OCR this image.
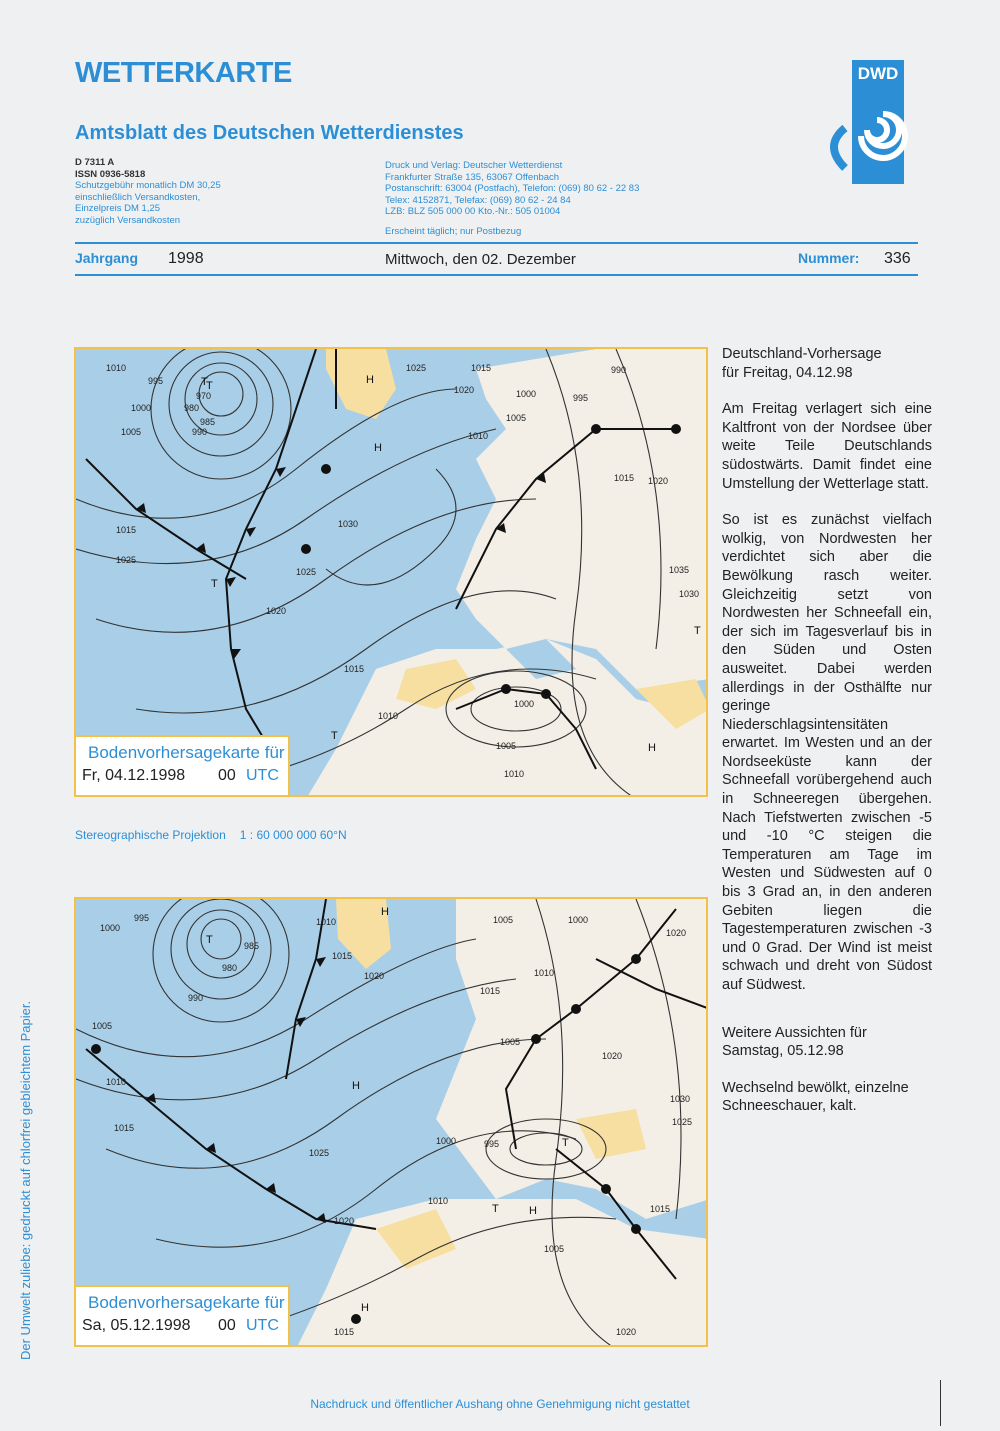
WETTERKARTE
Amtsblatt des Deutschen Wetterdienstes
D 7311 A
ISSN 0936-5818
Schutzgebühr monatlich DM 30,25
einschließlich Versandkosten,
Einzelpreis DM 1,25
zuzüglich Versandkosten
Druck und Verlag: Deutscher Wetterdienst
Frankfurter Straße 135, 63067 Offenbach
Postanschrift: 63004 (Postfach), Telefon: (069) 80 62 - 22 83
Telex: 4152871, Telefax: (069) 80 62 - 24 84
LZB: BLZ 505 000 00 Kto.-Nr.: 505 01004
Erscheint täglich; nur Postbezug
DWD
Jahrgang 1998	Mittwoch, den 02. Dezember	Nummer: 336
1010
995
1000
1005
970
980
985
990
1025	1015
1020
1030
990
995
1000
1005
1010
1015 1020
1035
1030
1025
1015
1010
1005
1000
1010
1015
1020
1025
T	H
H
T
T
T
H
T
Bodenvorhersagekarte für
Fr, 04.12.1998 00 UTC
Stereographische Projektion 1 : 60 000 000 60°N
995
1000
985
980
990
1005
1010
1015
1010
1015
1020
1005	1000
1010
1015
1025
1020
1005
1020
1030
1025
1000	995
1010
1015
1005
1020
1015
1020
T
H
H
T
T	H
H
Bodenvorhersagekarte für
Sa, 05.12.1998 00 UTC

Deutschland-Vorhersage

für Freitag, 04.12.98

Am Freitag verlagert sich eine Kaltfront von der Nordsee über weite Teile Deutschlands südostwärts. Damit findet eine Umstellung der Wetterlage statt.

So ist es zunächst vielfach wolkig, von Nordwesten her verdichtet sich aber die Bewölkung rasch weiter. Gleichzeitig setzt von Nordwesten her Schneefall ein, der sich im Tagesverlauf bis in den Süden und Osten ausweitet. Dabei werden allerdings in der Osthälfte nur geringe Niederschlagsintensitäten erwartet. Im Westen und an der Nordseeküste kann der Schneefall vorübergehend auch in Schneeregen übergehen. Nach Tiefstwerten zwischen -5 und -10 °C steigen die Temperaturen am Tage im Westen und Südwesten auf 0 bis 3 Grad an, in den anderen Gebiten liegen die Tagestemperaturen zwischen -3 und 0 Grad. Der Wind ist meist schwach und dreht von Südost auf Südwest.

Weitere Aussichten für

Samstag, 05.12.98

Wechselnd bewölkt, einzelne Schneeschauer, kalt.

Der Umwelt zuliebe: gedruckt auf chlorfrei gebleichtem Papier.
Nachdruck und öffentlicher Aushang ohne Genehmigung nicht gestattet
